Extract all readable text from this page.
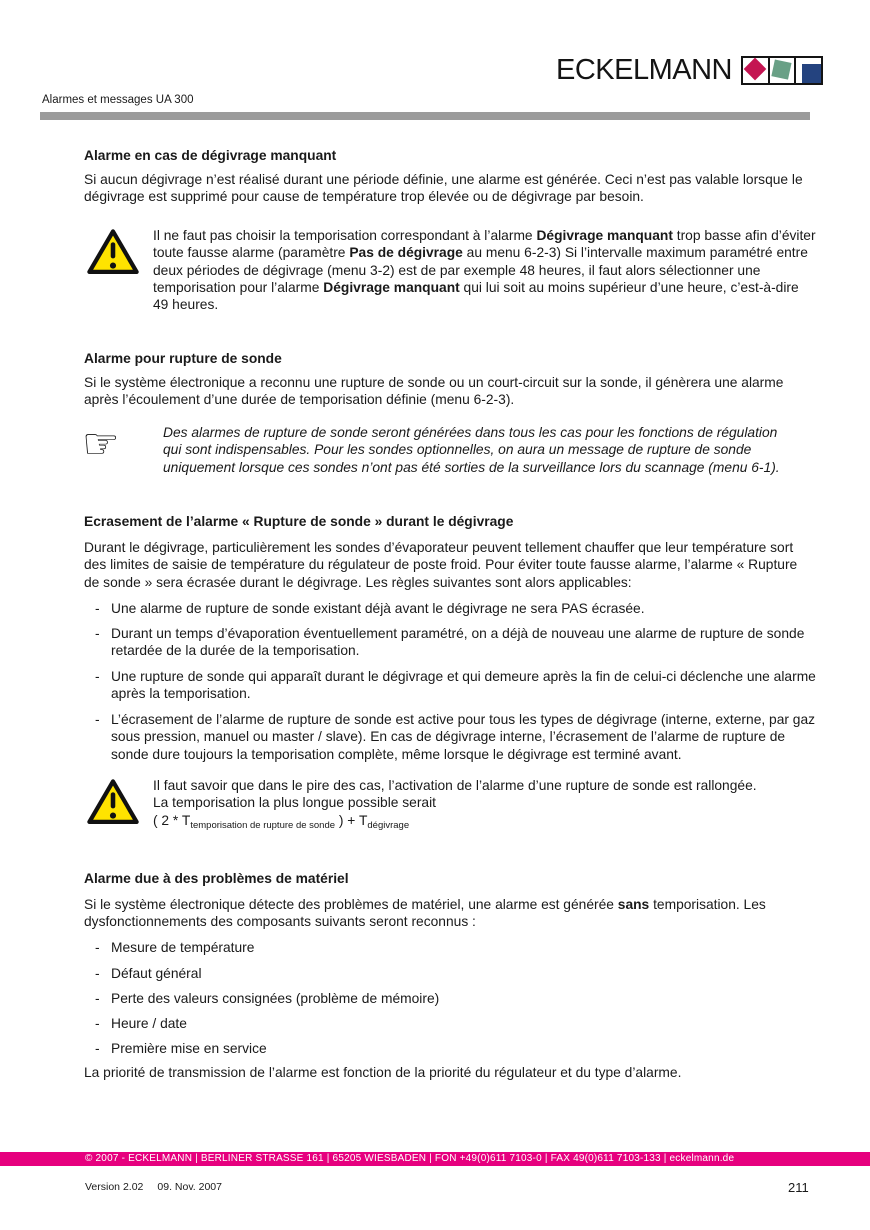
ECKELMANN
Alarmes et messages UA 300
Alarme en cas de dégivrage manquant
Si aucun dégivrage n’est réalisé durant une période définie, une alarme est générée. Ceci n’est pas valable lorsque le dégivrage est supprimé pour cause de température trop élevée ou de dégivrage par besoin.
Il ne faut pas choisir la temporisation correspondant à l’alarme Dégivrage manquant trop basse afin d’éviter toute fausse alarme (paramètre Pas de dégivrage au menu 6-2-3) Si l’intervalle maximum paramétré entre deux périodes de dégivrage (menu 3-2) est de par exemple 48 heures, il faut alors sélectionner une temporisation pour l’alarme Dégivrage manquant qui lui soit au moins supérieur d’une heure, c’est-à-dire 49 heures.
Alarme pour rupture de sonde
Si le système électronique a reconnu une rupture de sonde ou un court-circuit sur la sonde, il génèrera une alarme après l’écoulement d’une durée de temporisation définie (menu 6-2-3).
☞	Des alarmes de rupture de sonde seront générées dans tous les cas pour les fonctions de régulation qui sont indispensables. Pour les sondes optionnelles, on aura un message de rupture de sonde uniquement lorsque ces sondes n’ont pas été sorties de la surveillance lors du scannage (menu 6-1).
Ecrasement de l’alarme « Rupture de sonde » durant le dégivrage
Durant le dégivrage, particulièrement les sondes d’évaporateur peuvent tellement chauffer que leur température sort des limites de saisie de température du régulateur de poste froid. Pour éviter toute fausse alarme, l’alarme « Rupture de sonde » sera écrasée durant le dégivrage. Les règles suivantes sont alors applicables:
- Une alarme de rupture de sonde existant déjà avant le dégivrage ne sera PAS écrasée.
- Durant un temps d’évaporation éventuellement paramétré, on a déjà de nouveau une alarme de rupture de sonde retardée de la durée de la temporisation.
- Une rupture de sonde qui apparaît durant le dégivrage et qui demeure après la fin de celui-ci déclenche une alarme après la temporisation.
- L’écrasement de l’alarme de rupture de sonde est active pour tous les types de dégivrage (interne, externe, par gaz sous pression, manuel ou master / slave). En cas de dégivrage interne, l’écrasement de l’alarme de rupture de sonde dure toujours la temporisation complète, même lorsque le dégivrage est terminé avant.
Il faut savoir que dans le pire des cas, l’activation de l’alarme d’une rupture de sonde est rallongée.
La temporisation la plus longue possible serait
( $2 * T_{temporisation de rupture de sonde}$ ) + $T_{dégivrage}$
Alarme due à des problèmes de matériel
Si le système électronique détecte des problèmes de matériel, une alarme est générée sans temporisation. Les dysfonctionnements des composants suivants seront reconnus :
- Mesure de température
- Défaut général
- Perte des valeurs consignées (problème de mémoire)
- Heure / date
- Première mise en service
La priorité de transmission de l’alarme est fonction de la priorité du régulateur et du type d’alarme.
© 2007 - ECKELMANN | BERLINER STRASSE 161 | 65205 WIESBADEN | FON +49(0)611 7103-0 | FAX 49(0)611 7103-133 | eckelmann.de
Version 2.02 09. Nov. 2007	211
